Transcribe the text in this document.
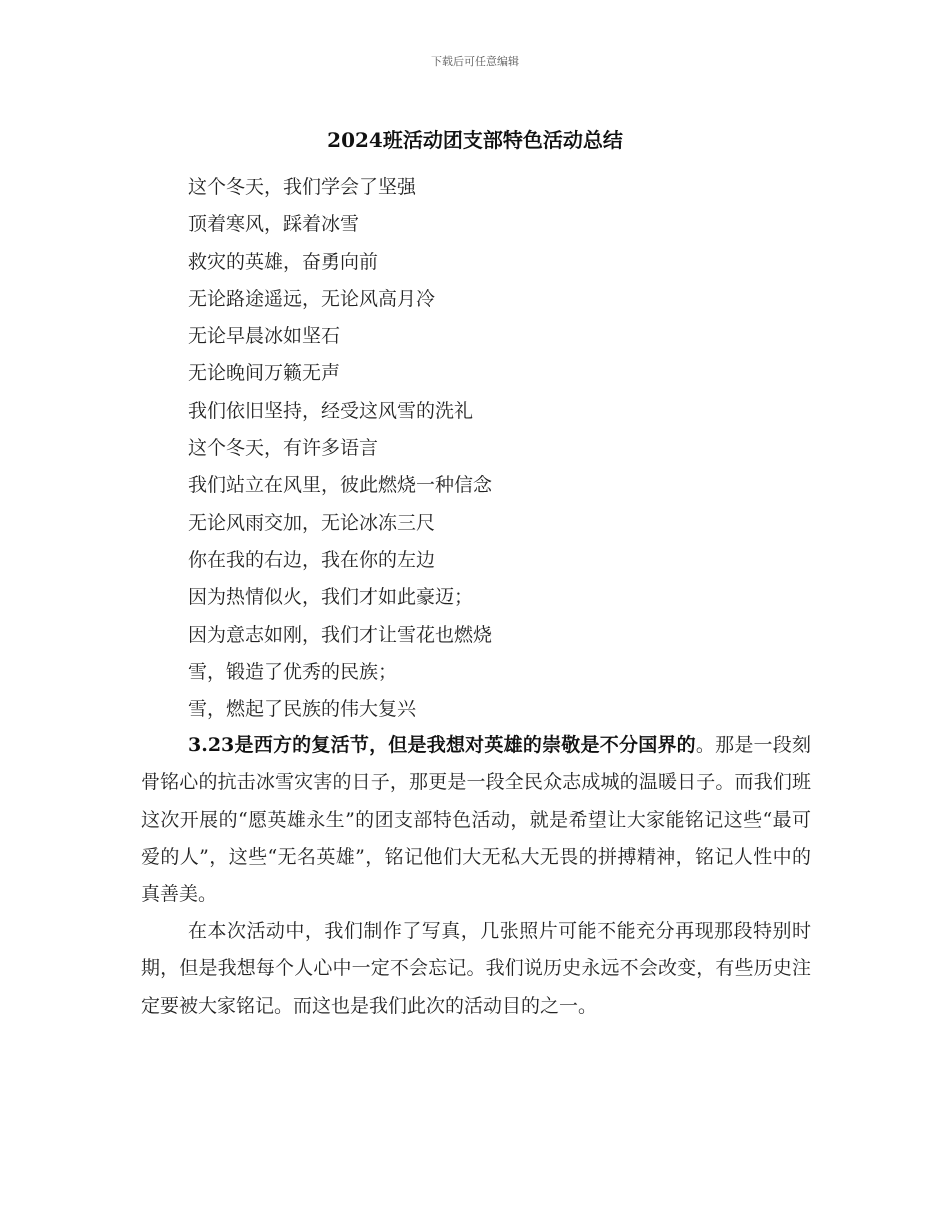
下载后可任意编辑
2024班活动团支部特色活动总结
这个冬天，我们学会了坚强
顶着寒风，踩着冰雪
救灾的英雄，奋勇向前
无论路途遥远，无论风高月冷
无论早晨冰如坚石
无论晚间万籁无声
我们依旧坚持，经受这风雪的洗礼
这个冬天，有许多语言
我们站立在风里，彼此燃烧一种信念
无论风雨交加，无论冰冻三尺
你在我的右边，我在你的左边
因为热情似火，我们才如此豪迈；
因为意志如刚，我们才让雪花也燃烧
雪，锻造了优秀的民族；
雪，燃起了民族的伟大复兴

3.23是西方的复活节，但是我想对英雄的崇敬是不分国界的。那是一段刻骨铭心的抗击冰雪灾害的日子，那更是一段全民众志成城的温暖日子。而我们班这次开展的“愿英雄永生”的团支部特色活动，就是希望让大家能铭记这些“最可爱的人”，这些“无名英雄”，铭记他们大无私大无畏的拼搏精神，铭记人性中的真善美。

在本次活动中，我们制作了写真，几张照片可能不能充分再现那段特别时期，但是我想每个人心中一定不会忘记。我们说历史永远不会改变，有些历史注定要被大家铭记。而这也是我们此次的活动目的之一。
